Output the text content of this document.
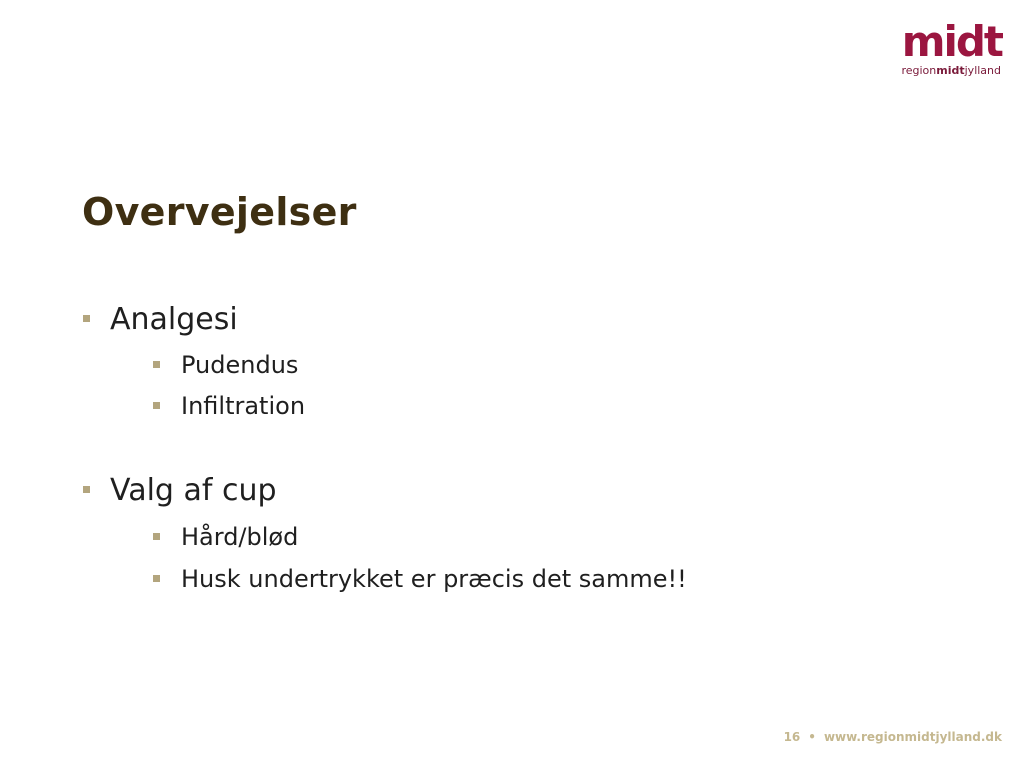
midt
regionmidtjylland
Overvejelser
Analgesi
Pudendus
Infiltration
Valg af cup
Hård/blød
Husk undertrykket er præcis det samme!!
16 • www.regionmidtjylland.dk
